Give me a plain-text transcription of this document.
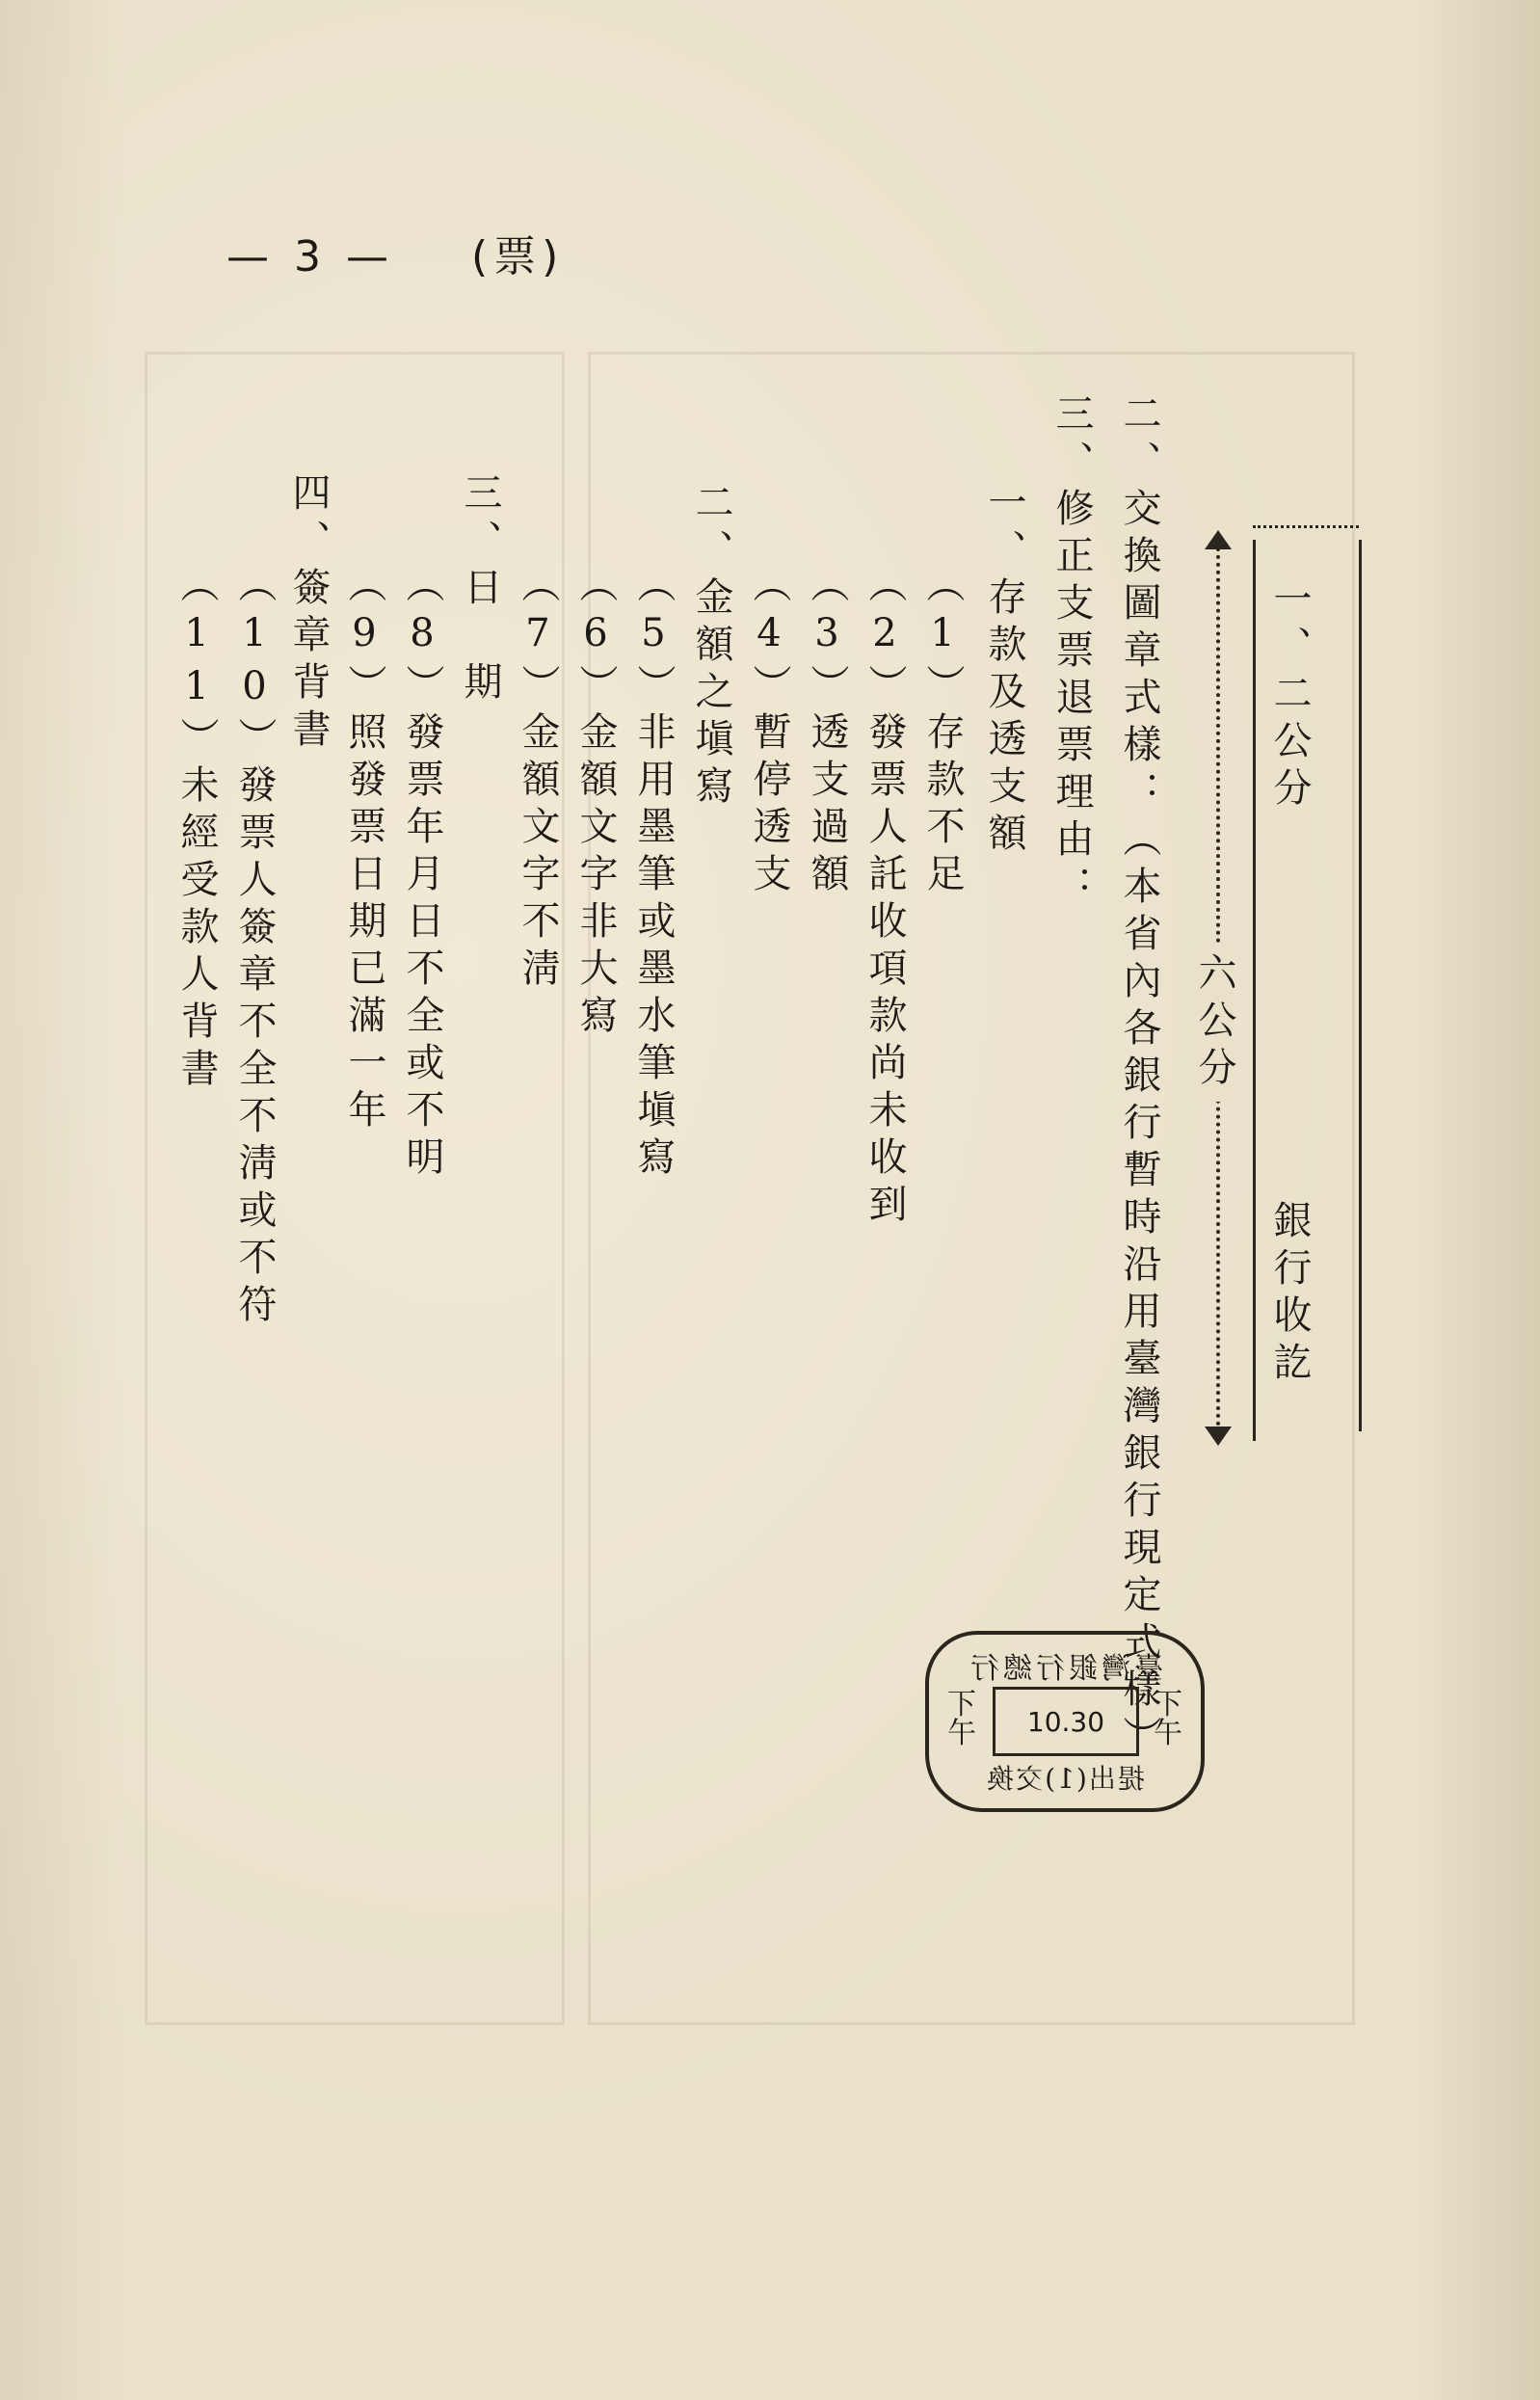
— 3 — (票)
六公分
一、二公分
銀行收訖
二、交換圖章式樣：（本省內各銀行暫時沿用臺灣銀行現定式樣）
三、修正支票退票理由：
一、存款及透支額
（1）存款不足
（2）發票人託收項款尚未收到
（3）透支過額
（4）暫停透支
二、金額之塡寫
（5）非用墨筆或墨水筆塡寫
（6）金額文字非大寫
（7）金額文字不淸
三、日　期
（8）發票年月日不全或不明
（9）照發票日期已滿一年
四、簽章背書
（10）發票人簽章不全不淸或不符
（11）未經受款人背書
臺灣銀行總行
下午 10.30 下午
提出(1)交換
